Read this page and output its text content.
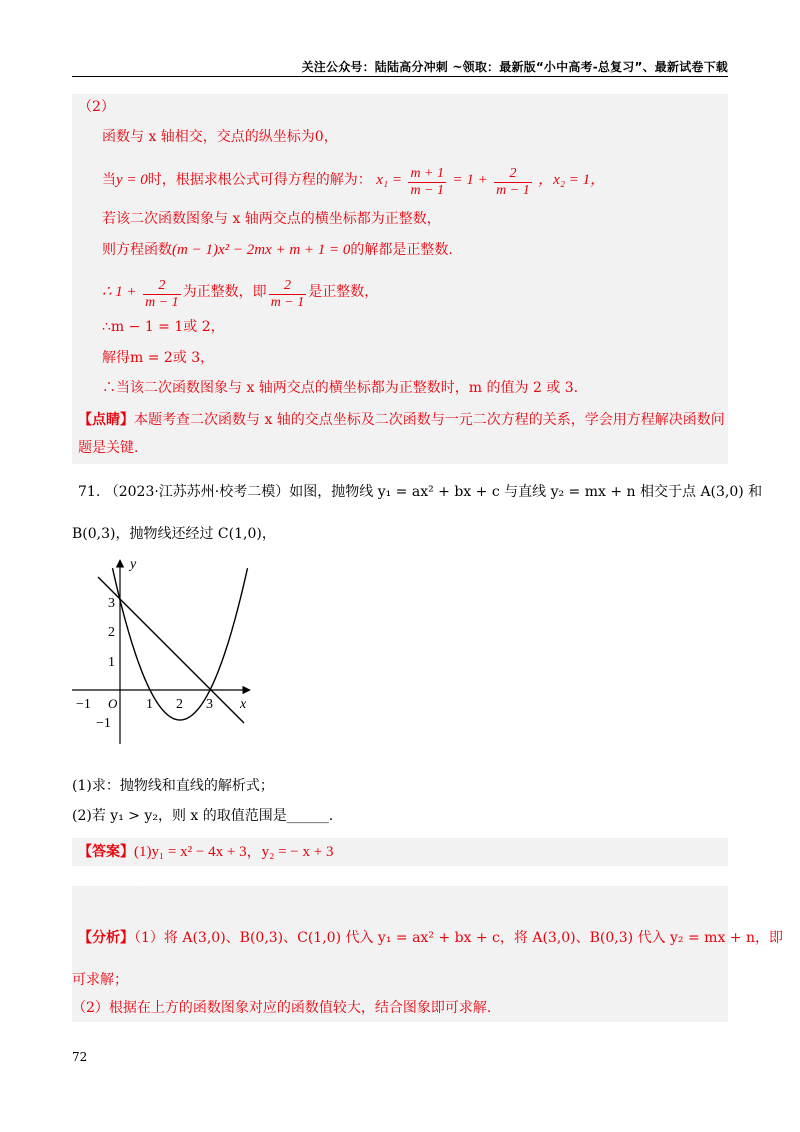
关注公众号：陆陆高分冲刺 ~领取：最新版“小中高考-总复习”、最新试卷下载
（2）
函数与 x 轴相交，交点的纵坐标为0，
当y = 0时，根据求根公式可得方程的解为： $x_1 = \frac{m + 1}{m - 1} = 1 + \frac{2}{m - 1}$ ，x₂ = 1，
若该二次函数图象与 x 轴两交点的横坐标都为正整数，
则方程函数(m − 1)x² − 2mx + m + 1 = 0的解都是正整数.
∴ $1 + \frac{2}{m - 1}$ 为正整数，即 $\frac{2}{m - 1}$ 是正整数，
∴m − 1 = 1或 2，
解得m = 2或 3，
∴当该二次函数图象与 x 轴两交点的横坐标都为正整数时，m 的值为 2 或 3.
【点睛】本题考查二次函数与 x 轴的交点坐标及二次函数与一元二次方程的关系，学会用方程解决函数问
题是关键.
71. （2023·江苏苏州·校考二模）如图，抛物线 y₁ = ax² + bx + c 与直线 y₂ = mx + n 相交于点 A(3,0) 和
B(0,3)，抛物线还经过 C(1,0)，
y
x
O
−1	1 2 3
3
2
1
−1
(1)求：抛物线和直线的解析式；
(2)若 y₁ > y₂，则 x 的取值范围是______.
【答案】(1)y₁ = x² − 4x + 3，y₂ = − x + 3
【分析】（1）将 A(3,0)、B(0,3)、C(1,0) 代入 y₁ = ax² + bx + c，将 A(3,0)、B(0,3) 代入 y₂ = mx + n，即
可求解；
（2）根据在上方的函数图象对应的函数值较大，结合图象即可求解.
72
